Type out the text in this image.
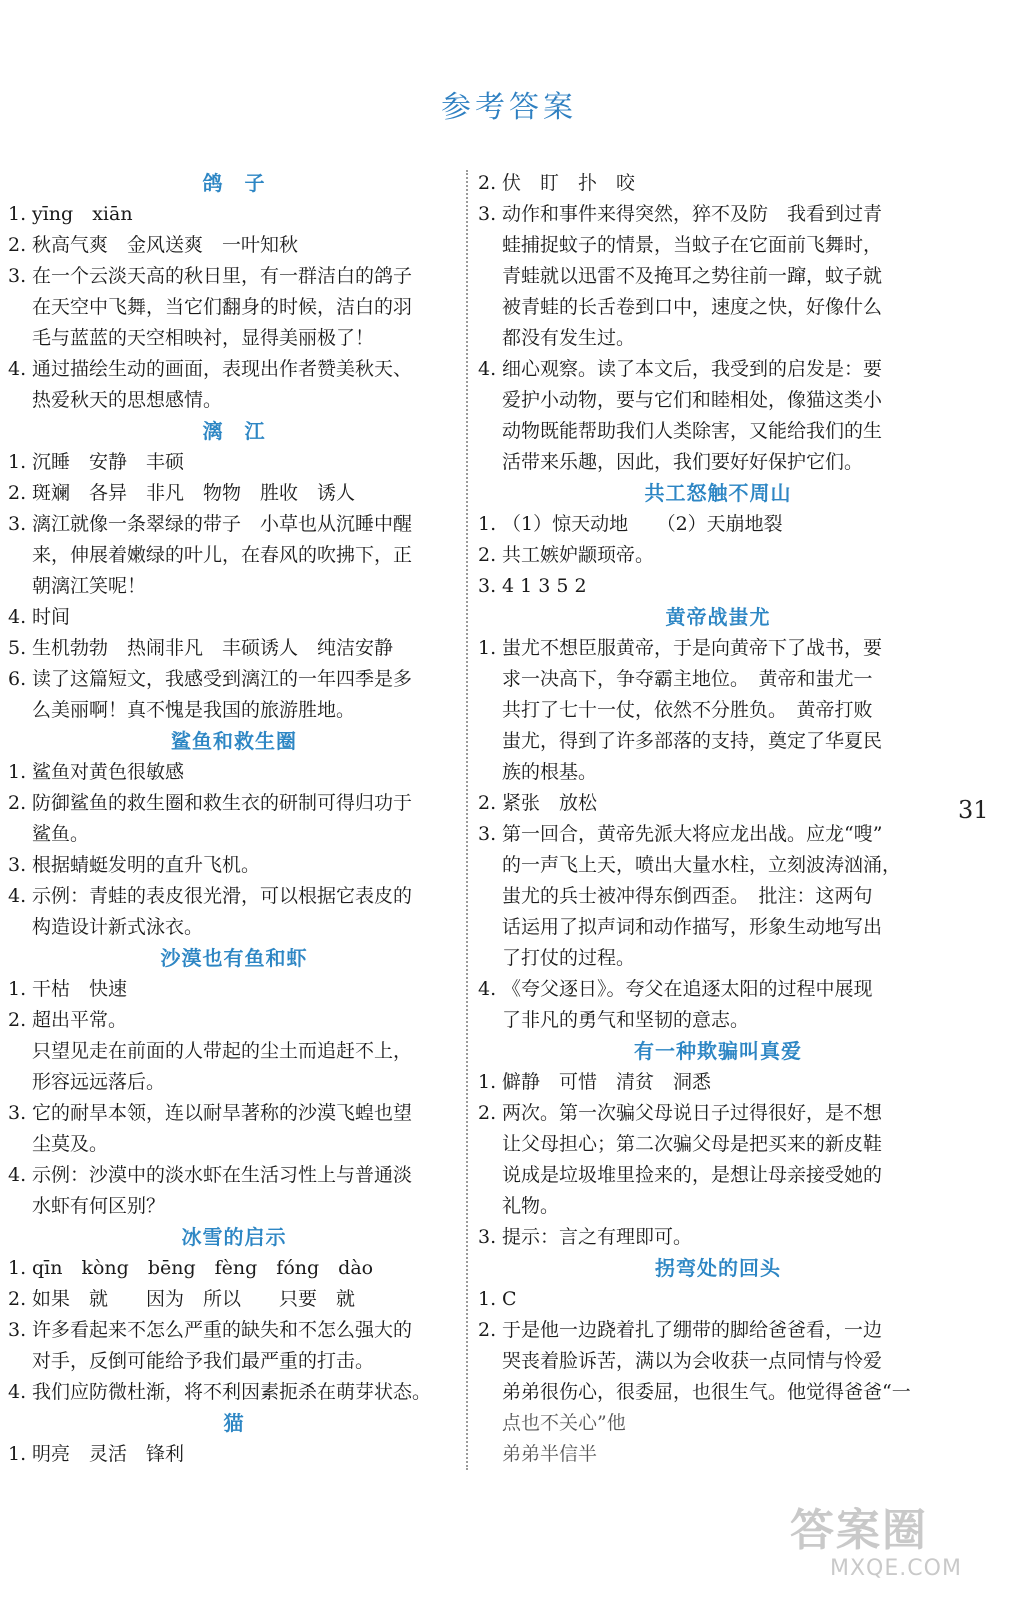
参考答案
鸽　子
1. yīng　xiān
2. 秋高气爽　金风送爽　一叶知秋
3. 在一个云淡天高的秋日里，有一群洁白的鸽子
在天空中飞舞，当它们翻身的时候，洁白的羽
毛与蓝蓝的天空相映衬，显得美丽极了！
4. 通过描绘生动的画面，表现出作者赞美秋天、
热爱秋天的思想感情。
漓　江
1. 沉睡　安静　丰硕
2. 斑斓　各异　非凡　物物　胜收　诱人
3. 漓江就像一条翠绿的带子　小草也从沉睡中醒
来，伸展着嫩绿的叶儿，在春风的吹拂下，正
朝漓江笑呢！
4. 时间
5. 生机勃勃　热闹非凡　丰硕诱人　纯洁安静
6. 读了这篇短文，我感受到漓江的一年四季是多
么美丽啊！真不愧是我国的旅游胜地。
鲨鱼和救生圈
1. 鲨鱼对黄色很敏感
2. 防御鲨鱼的救生圈和救生衣的研制可得归功于
鲨鱼。
3. 根据蜻蜓发明的直升飞机。
4. 示例：青蛙的表皮很光滑，可以根据它表皮的
构造设计新式泳衣。
沙漠也有鱼和虾
1. 干枯　快速
2. 超出平常。
只望见走在前面的人带起的尘土而追赶不上，
形容远远落后。
3. 它的耐旱本领，连以耐旱著称的沙漠飞蝗也望
尘莫及。
4. 示例：沙漠中的淡水虾在生活习性上与普通淡
水虾有何区别？
冰雪的启示
1. qīn　kòng　bēng　fèng　fóng　dào
2. 如果　就　　因为　所以　　只要　就
3. 许多看起来不怎么严重的缺失和不怎么强大的
对手，反倒可能给予我们最严重的打击。
4. 我们应防微杜渐，将不利因素扼杀在萌芽状态。
猫
1. 明亮　灵活　锋利
2. 伏　盯　扑　咬
3. 动作和事件来得突然，猝不及防　我看到过青
蛙捕捉蚊子的情景，当蚊子在它面前飞舞时，
青蛙就以迅雷不及掩耳之势往前一蹿，蚊子就
被青蛙的长舌卷到口中，速度之快，好像什么
都没有发生过。
4. 细心观察。读了本文后，我受到的启发是：要
爱护小动物，要与它们和睦相处，像猫这类小
动物既能帮助我们人类除害，又能给我们的生
活带来乐趣，因此，我们要好好保护它们。
共工怒触不周山
1. （1）惊天动地　　（2）天崩地裂
2. 共工嫉妒颛顼帝。
3. 4 1 3 5 2
黄帝战蚩尤
1. 蚩尤不想臣服黄帝，于是向黄帝下了战书，要
求一决高下，争夺霸主地位。　黄帝和蚩尤一
共打了七十一仗，依然不分胜负。　黄帝打败
蚩尤，得到了许多部落的支持，奠定了华夏民
族的根基。
2. 紧张　放松
3. 第一回合，黄帝先派大将应龙出战。应龙“嗖”
的一声飞上天，喷出大量水柱，立刻波涛汹涌，
蚩尤的兵士被冲得东倒西歪。　批注：这两句
话运用了拟声词和动作描写，形象生动地写出
了打仗的过程。
4. 《夸父逐日》。夸父在追逐太阳的过程中展现
了非凡的勇气和坚韧的意志。
有一种欺骗叫真爱
1. 僻静　可惜　清贫　洞悉
2. 两次。第一次骗父母说日子过得很好，是不想
让父母担心；第二次骗父母是把买来的新皮鞋
说成是垃圾堆里捡来的，是想让母亲接受她的
礼物。
3. 提示：言之有理即可。
拐弯处的回头
1. C
2. 于是他一边跷着扎了绷带的脚给爸爸看，一边
哭丧着脸诉苦，满以为会收获一点同情与怜爱
弟弟很伤心，很委屈，也很生气。他觉得爸爸“一
点也不关心”他
弟弟半信半
31
答案圈
MXQE.COM
